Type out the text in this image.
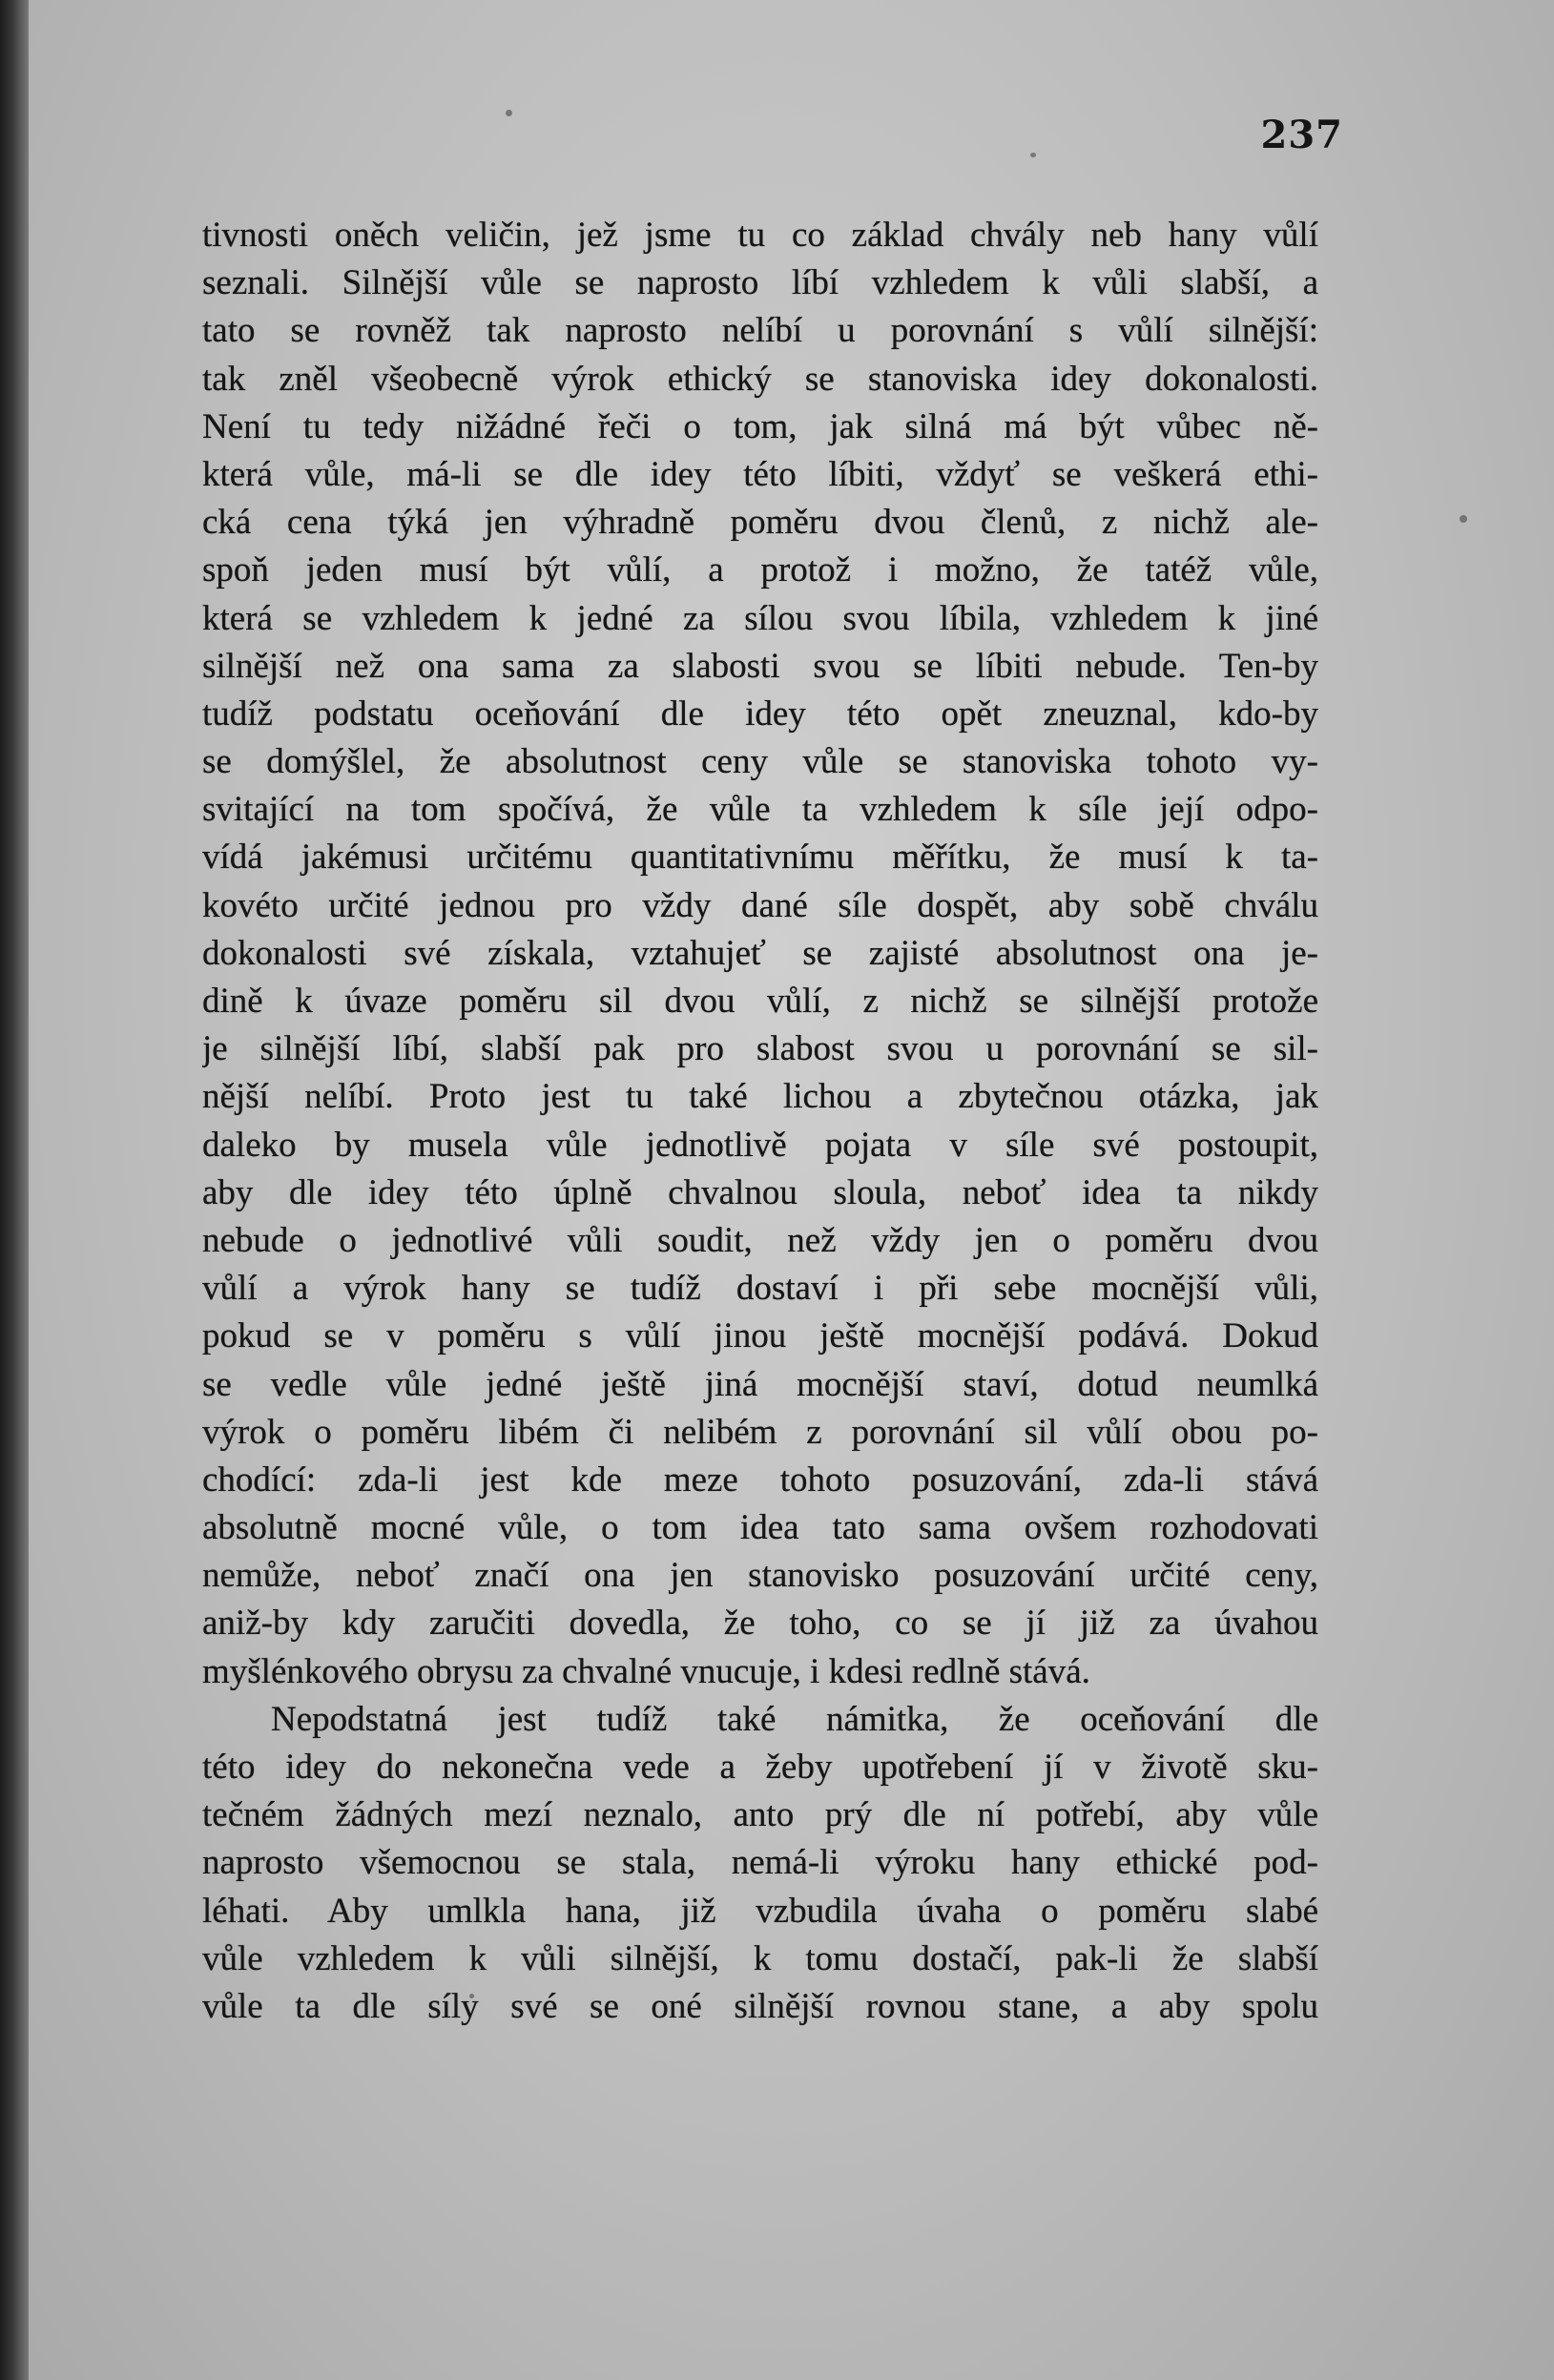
237
tivnosti oněch veličin, jež jsme tu co základ chvály neb hany vůlí
seznali. Silnější vůle se naprosto líbí vzhledem k vůli slabší, a
tato se rovněž tak naprosto nelíbí u porovnání s vůlí silnější:
tak zněl všeobecně výrok ethický se stanoviska idey dokonalosti.
Není tu tedy nižádné řeči o tom, jak silná má být vůbec ně-
která vůle, má-li se dle idey této líbiti, vždyť se veškerá ethi-
cká cena týká jen výhradně poměru dvou členů, z nichž ale-
spoň jeden musí být vůlí, a protož i možno, že tatéž vůle,
která se vzhledem k jedné za sílou svou líbila, vzhledem k jiné
silnější než ona sama za slabosti svou se líbiti nebude. Ten-by
tudíž podstatu oceňování dle idey této opět zneuznal, kdo-by
se domýšlel, že absolutnost ceny vůle se stanoviska tohoto vy-
svitající na tom spočívá, že vůle ta vzhledem k síle její odpo-
vídá jakémusi určitému quantitativnímu měřítku, že musí k ta-
kovéto určité jednou pro vždy dané síle dospět, aby sobě chválu
dokonalosti své získala, vztahujeť se zajisté absolutnost ona je-
dině k úvaze poměru sil dvou vůlí, z nichž se silnější protože
je silnější líbí, slabší pak pro slabost svou u porovnání se sil-
nější nelíbí. Proto jest tu také lichou a zbytečnou otázka, jak
daleko by musela vůle jednotlivě pojata v síle své postoupit,
aby dle idey této úplně chvalnou sloula, neboť idea ta nikdy
nebude o jednotlivé vůli soudit, než vždy jen o poměru dvou
vůlí a výrok hany se tudíž dostaví i při sebe mocnější vůli,
pokud se v poměru s vůlí jinou ještě mocnější podává. Dokud
se vedle vůle jedné ještě jiná mocnější staví, dotud neumlká
výrok o poměru libém či nelibém z porovnání sil vůlí obou po-
chodící: zda-li jest kde meze tohoto posuzování, zda-li stává
absolutně mocné vůle, o tom idea tato sama ovšem rozhodovati
nemůže, neboť značí ona jen stanovisko posuzování určité ceny,
aniž-by kdy zaručiti dovedla, že toho, co se jí již za úvahou
myšlénkového obrysu za chvalné vnucuje, i kdesi redlně stává.
Nepodstatná jest tudíž také námitka, že oceňování dle
této idey do nekonečna vede a žeby upotřebení jí v životě sku-
tečném žádných mezí neznalo, anto prý dle ní potřebí, aby vůle
naprosto všemocnou se stala, nemá-li výroku hany ethické pod-
léhati. Aby umlkla hana, již vzbudila úvaha o poměru slabé
vůle vzhledem k vůli silnější, k tomu dostačí, pak-li že slabší
vůle ta dle síly své se oné silnější rovnou stane, a aby spolu
